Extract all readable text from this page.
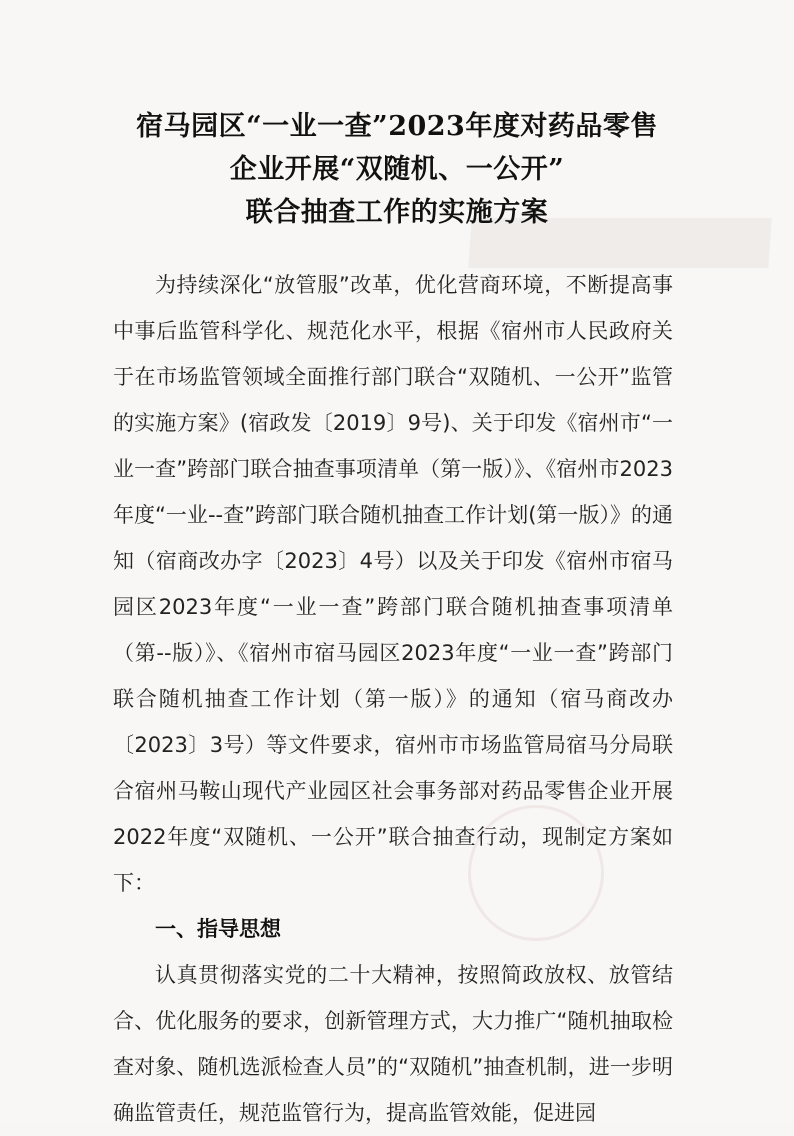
宿马园区“一业一查”2023年度对药品零售
企业开展“双随机、一公开”
联合抽查工作的实施方案

为持续深化“放管服”改革，优化营商环境，不断提高事中事后监管科学化、规范化水平，根据《宿州市人民政府关于在市场监管领域全面推行部门联合“双随机、一公开”监管的实施方案》(宿政发〔2019〕9号)、关于印发《宿州市“一业一查”跨部门联合抽查事项清单（第一版）》、《宿州市2023年度“一业--查”跨部门联合随机抽查工作计划(第一版）》的通知（宿商改办字〔2023〕4号）以及关于印发《宿州市宿马园区2023年度“一业一查”跨部门联合随机抽查事项清单（第--版）》、《宿州市宿马园区2023年度“一业一查”跨部门联合随机抽查工作计划（第一版）》的通知（宿马商改办〔2023〕3号）等文件要求，宿州市市场监管局宿马分局联合宿州马鞍山现代产业园区社会事务部对药品零售企业开展2022年度“双随机、一公开”联合抽查行动，现制定方案如下：

一、指导思想

认真贯彻落实党的二十大精神，按照简政放权、放管结合、优化服务的要求，创新管理方式，大力推广“随机抽取检查对象、随机选派检查人员”的“双随机”抽查机制，进一步明确监管责任，规范监管行为，提高监管效能，促进园
